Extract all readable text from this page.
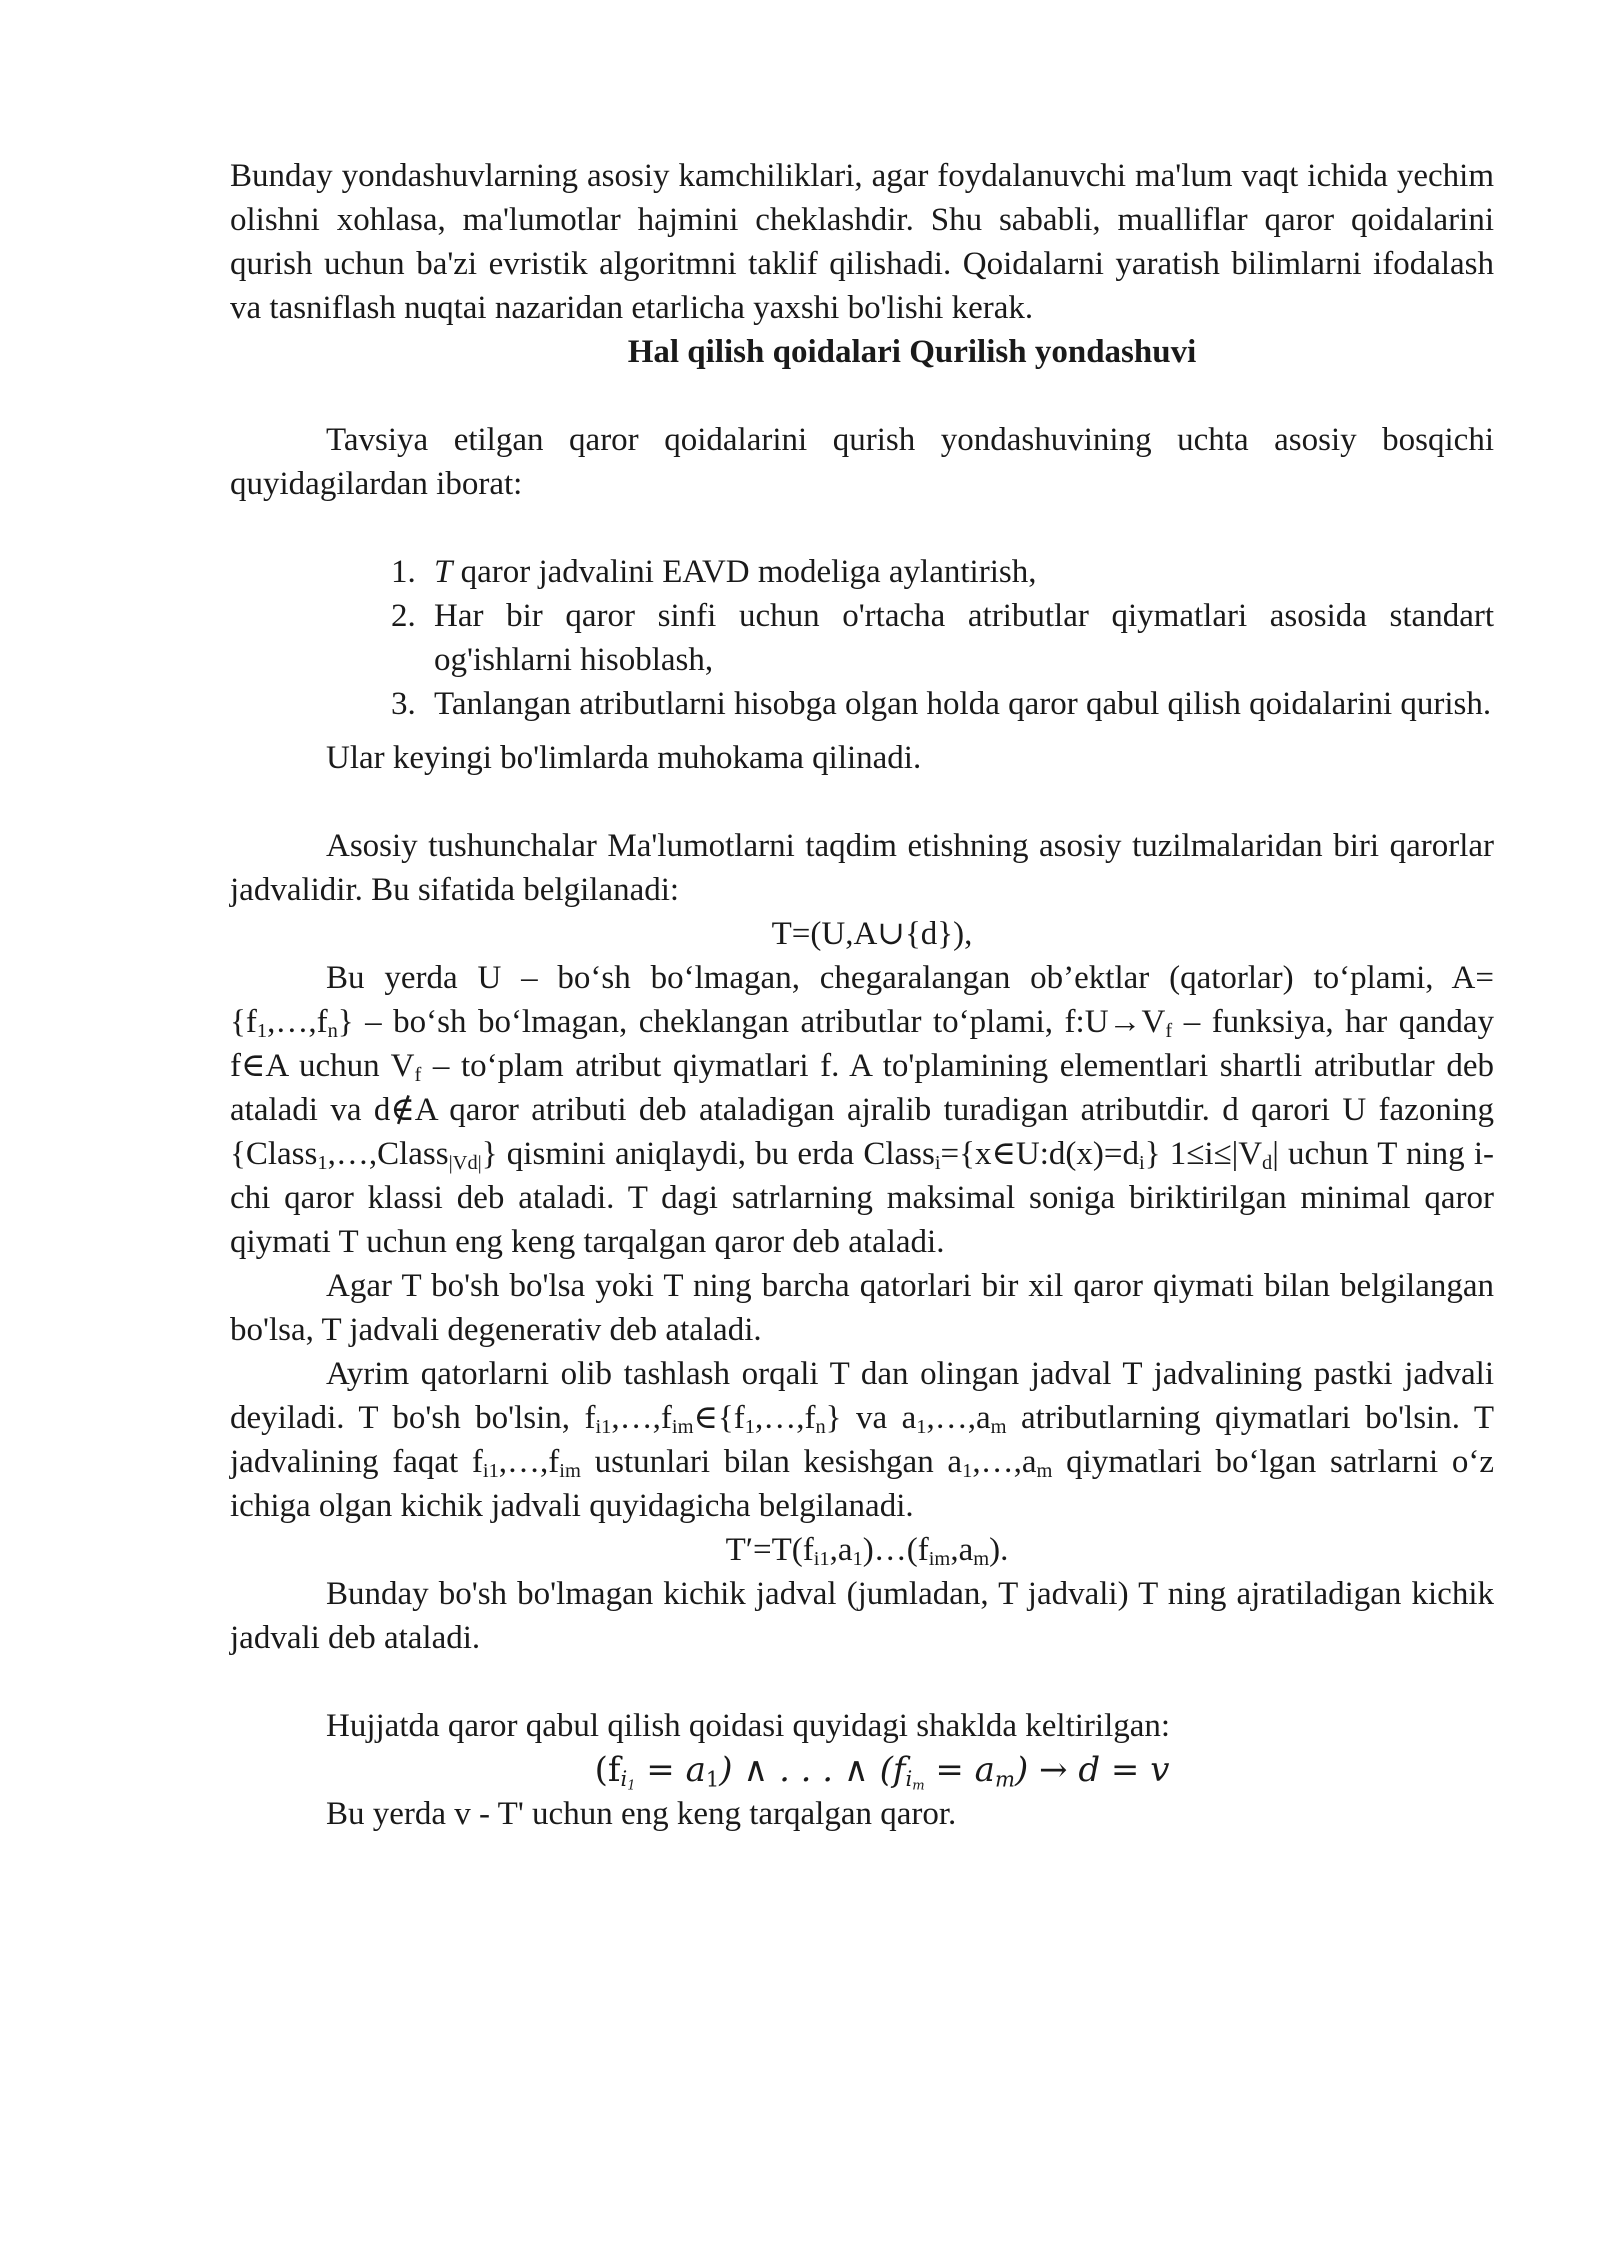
Bunday yondashuvlarning asosiy kamchiliklari, agar foydalanuvchi ma'lum vaqt ichida yechim olishni xohlasa, ma'lumotlar hajmini cheklashdir. Shu sababli, mualliflar qaror qoidalarini qurish uchun ba'zi evristik algoritmni taklif qilishadi. Qoidalarni yaratish bilimlarni ifodalash va tasniflash nuqtai nazaridan etarlicha yaxshi bo'lishi kerak.

Hal qilish qoidalari Qurilish yondashuvi

Tavsiya etilgan qaror qoidalarini qurish yondashuvining uchta asosiy bosqichi quyidagilardan iborat:

1. T qaror jadvalini EAVD modeliga aylantirish,
2. Har bir qaror sinfi uchun o'rtacha atributlar qiymatlari asosida standart og'ishlarni hisoblash,
3. Tanlangan atributlarni hisobga olgan holda qaror qabul qilish qoidalarini qurish.

Ular keyingi bo'limlarda muhokama qilinadi.

Asosiy tushunchalar Ma'lumotlarni taqdim etishning asosiy tuzilmalaridan biri qarorlar jadvalidir. Bu sifatida belgilanadi:

T=(U,A∪{d}),

Bu yerda U – bo‘sh bo‘lmagan, chegaralangan ob’ektlar (qatorlar) to‘plami, $A=\{f_1,\dots,f_n\}$ – bo‘sh bo‘lmagan, cheklangan atributlar to‘plami, $f:U\to V_f$ – funksiya, har qanday f∈A uchun $V_f$ – to‘plam atribut qiymatlari f. A to'plamining elementlari shartli atributlar deb ataladi va d∉A qaror atributi deb ataladigan ajralib turadigan atributdir. d qarori U fazoning {Class$_1$,…,Class$_{|Vd|}$} qismini aniqlaydi, bu erda $Class_i=\{x\in U:d(x)=d_i\}$ $1\le i\le|V_d|$ uchun T ning i-chi qaror klassi deb ataladi. T dagi satrlarning maksimal soniga biriktirilgan minimal qaror qiymati T uchun eng keng tarqalgan qaror deb ataladi.

Agar T bo'sh bo'lsa yoki T ning barcha qatorlari bir xil qaror qiymati bilan belgilangan bo'lsa, T jadvali degenerativ deb ataladi.

Ayrim qatorlarni olib tashlash orqali T dan olingan jadval T jadvalining pastki jadvali deyiladi. T bo'sh bo'lsin, $f_{i1},\dots,f_{im}\in\{f_1,\dots,f_n\}$ va $a_1,\dots,a_m$ atributlarning qiymatlari bo'lsin. T jadvalining faqat $f_{i1},\dots,f_{im}$ ustunlari bilan kesishgan $a_1,\dots,a_m$ qiymatlari bo‘lgan satrlarni o‘z ichiga olgan kichik jadvali quyidagicha belgilanadi.

$T'=T(f_{i1},a_1)\dots(f_{im},a_m)$.

Bunday bo'sh bo'lmagan kichik jadval (jumladan, T jadvali) T ning ajratiladigan kichik jadvali deb ataladi.

Hujjatda qaror qabul qilish qoidasi quyidagi shaklda keltirilgan:

$(f_{i_1} = a_1)$ ∧ . . . ∧ $(f_{i_m} = a_m) \to d = v$

Bu yerda v - T' uchun eng keng tarqalgan qaror.
